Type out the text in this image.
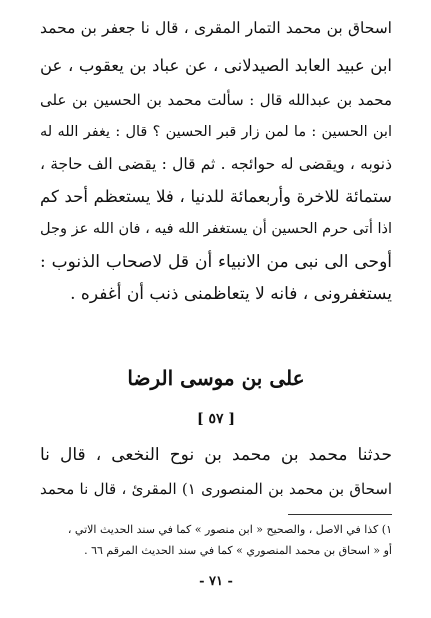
اسحاق بن محمد التمار المقرى ، قال نا جعفر بن محمد
ابن عبيد العابد الصيدلانى ، عن عباد بن يعقوب ، عن
محمد بن عبدالله قال : سألت محمد بن الحسين بن على
ابن الحسين : ما لمن زار قبر الحسين ؟ قال : يغفر الله له
ذنوبه ، ويقضى له حوائجه . ثم قال : يقضى الف حاجة ،
ستمائة للاخرة وأربعمائة للدنيا ، فلا يستعظم أحد كم
اذا أتى حرم الحسين أن يستغفر الله فيه ، فان الله عز وجل
أوحى الى نبى من الانبياء أن قل لاصحاب الذنوب :
يستغفرونى ، فانه لا يتعاظمنى ذنب أن أغفره .
على بن موسى الرضا
[ ٥٧ ]
حدثنا محمد بن محمد بن نوح النخعى ، قال نا
اسحاق بن محمد بن المنصورى ١) المقرئ ، قال نا محمد
١) كذا في الاصل ، والصحيح « ابن منصور » كما في سند الحديث الاتي ،
أو « اسحاق بن محمد المنصوري » كما في سند الحديث المرقم ٦٦ .
- ٧١ -
